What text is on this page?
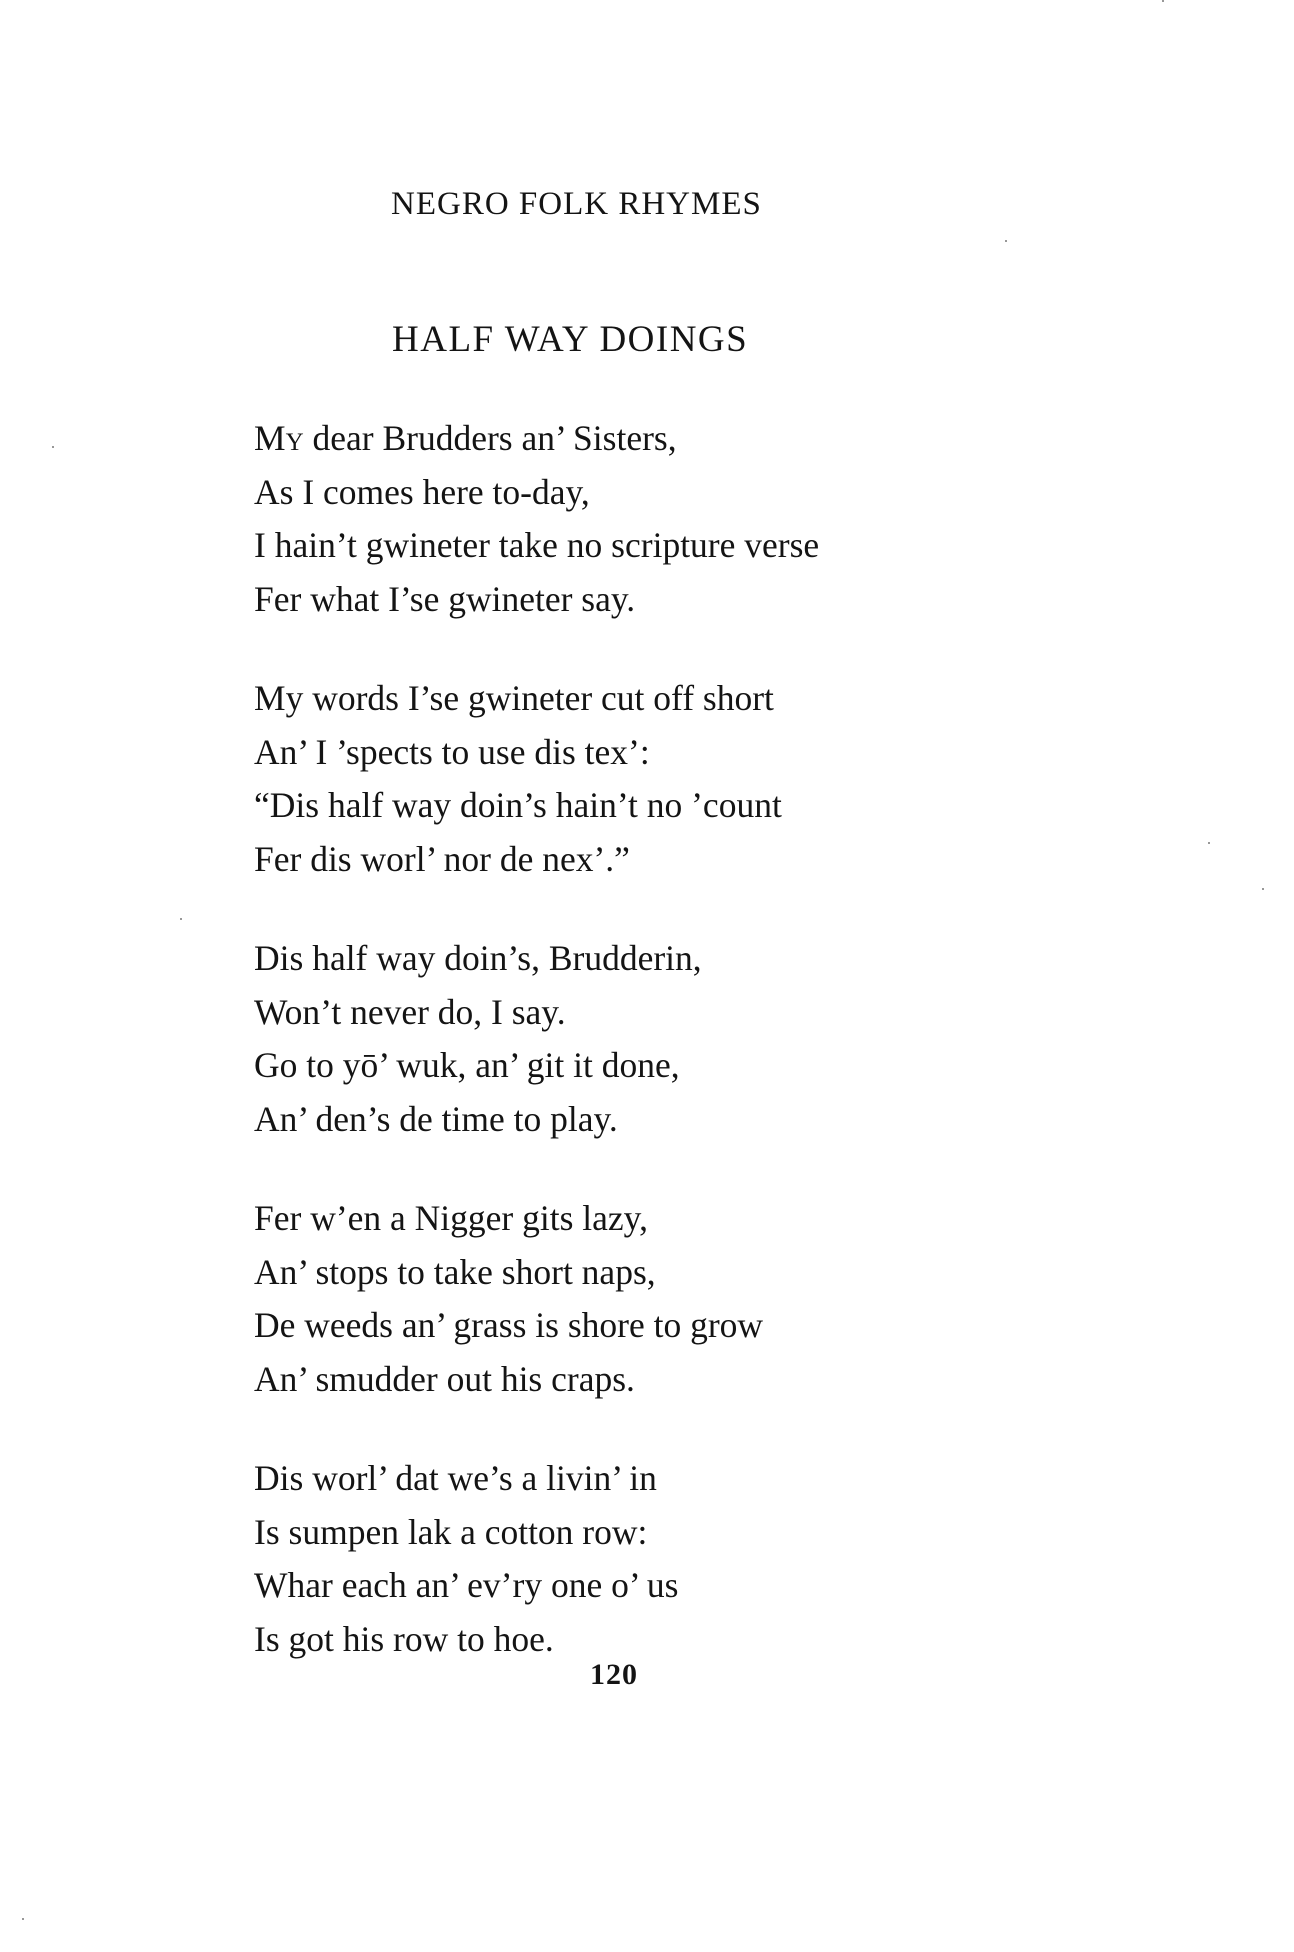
NEGRO FOLK RHYMES
HALF WAY DOINGS
My dear Brudders an’ Sisters,
As I comes here to-day,
I hain’t gwineter take no scripture verse
Fer what I’se gwineter say.
My words I’se gwineter cut off short
An’ I ’spects to use dis tex’:
“Dis half way doin’s hain’t no ’count
Fer dis worl’ nor de nex’.”
Dis half way doin’s, Brudderin,
Won’t never do, I say.
Go to yō’ wuk, an’ git it done,
An’ den’s de time to play.
Fer w’en a Nigger gits lazy,
An’ stops to take short naps,
De weeds an’ grass is shore to grow
An’ smudder out his craps.
Dis worl’ dat we’s a livin’ in
Is sumpen lak a cotton row:
Whar each an’ ev’ry one o’ us
Is got his row to hoe.
120
